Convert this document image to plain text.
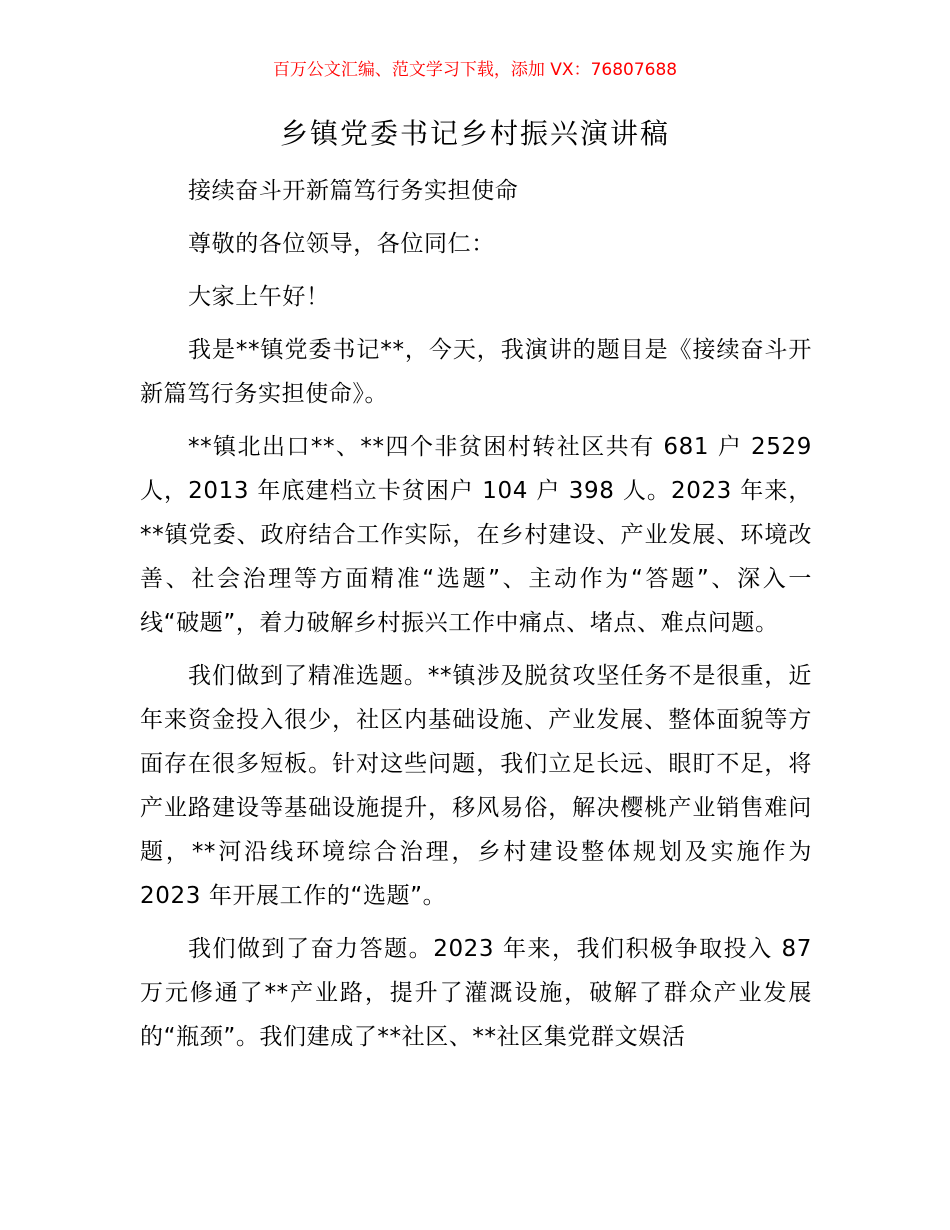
百万公文汇编、范文学习下载，添加 VX：76807688
乡镇党委书记乡村振兴演讲稿

接续奋斗开新篇笃行务实担使命

尊敬的各位领导，各位同仁：

大家上午好！

我是**镇党委书记**，今天，我演讲的题目是《接续奋斗开新篇笃行务实担使命》。

**镇北出口**、**四个非贫困村转社区共有 681 户 2529 人，2013 年底建档立卡贫困户 104 户 398 人。2023 年来，**镇党委、政府结合工作实际，在乡村建设、产业发展、环境改善、社会治理等方面精准“选题”、主动作为“答题”、深入一线“破题”，着力破解乡村振兴工作中痛点、堵点、难点问题。

我们做到了精准选题。**镇涉及脱贫攻坚任务不是很重，近年来资金投入很少，社区内基础设施、产业发展、整体面貌等方面存在很多短板。针对这些问题，我们立足长远、眼盯不足，将产业路建设等基础设施提升，移风易俗，解决樱桃产业销售难问题，**河沿线环境综合治理，乡村建设整体规划及实施作为 2023 年开展工作的“选题”。

我们做到了奋力答题。2023 年来，我们积极争取投入 87 万元修通了**产业路，提升了灌溉设施，破解了群众产业发展的“瓶颈”。我们建成了**社区、**社区集党群文娱活
